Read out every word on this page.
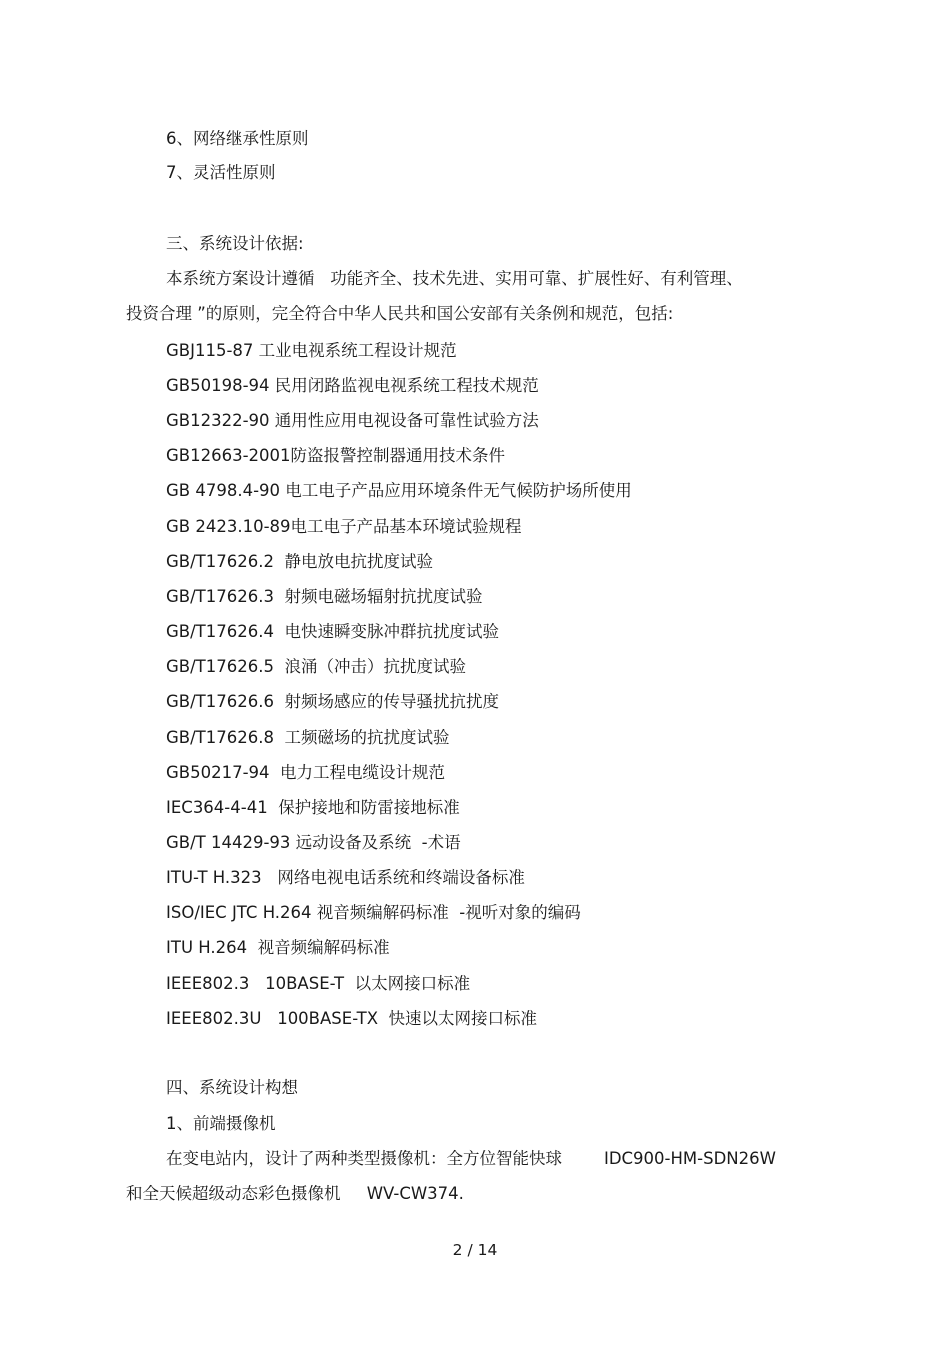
6、网络继承性原则
7、灵活性原则
三、系统设计依据:
本系统方案设计遵循   功能齐全、技术先进、实用可靠、扩展性好、有利管理、
投资合理 ”的原则，完全符合中华人民共和国公安部有关条例和规范，包括:
GBJ115-87 工业电视系统工程设计规范
GB50198-94 民用闭路监视电视系统工程技术规范
GB12322-90 通用性应用电视设备可靠性试验方法
GB12663-2001防盗报警控制器通用技术条件
GB 4798.4-90 电工电子产品应用环境条件无气候防护场所使用
GB 2423.10-89电工电子产品基本环境试验规程
GB/T17626.2  静电放电抗扰度试验
GB/T17626.3  射频电磁场辐射抗扰度试验
GB/T17626.4  电快速瞬变脉冲群抗扰度试验
GB/T17626.5  浪涌（冲击）抗扰度试验
GB/T17626.6  射频场感应的传导骚扰抗扰度
GB/T17626.8  工频磁场的抗扰度试验
GB50217-94  电力工程电缆设计规范
IEC364-4-41  保护接地和防雷接地标准
GB/T 14429-93 远动设备及系统  -术语
ITU-T H.323   网络电视电话系统和终端设备标准
ISO/IEC JTC H.264 视音频编解码标准  -视听对象的编码
ITU H.264  视音频编解码标准
IEEE802.3   10BASE-T  以太网接口标准
IEEE802.3U   100BASE-TX  快速以太网接口标准
四、系统设计构想
1、前端摄像机
在变电站内，设计了两种类型摄像机：全方位智能快球        IDC900-HM-SDN26W
和全天候超级动态彩色摄像机     WV-CW374.
2 / 14
